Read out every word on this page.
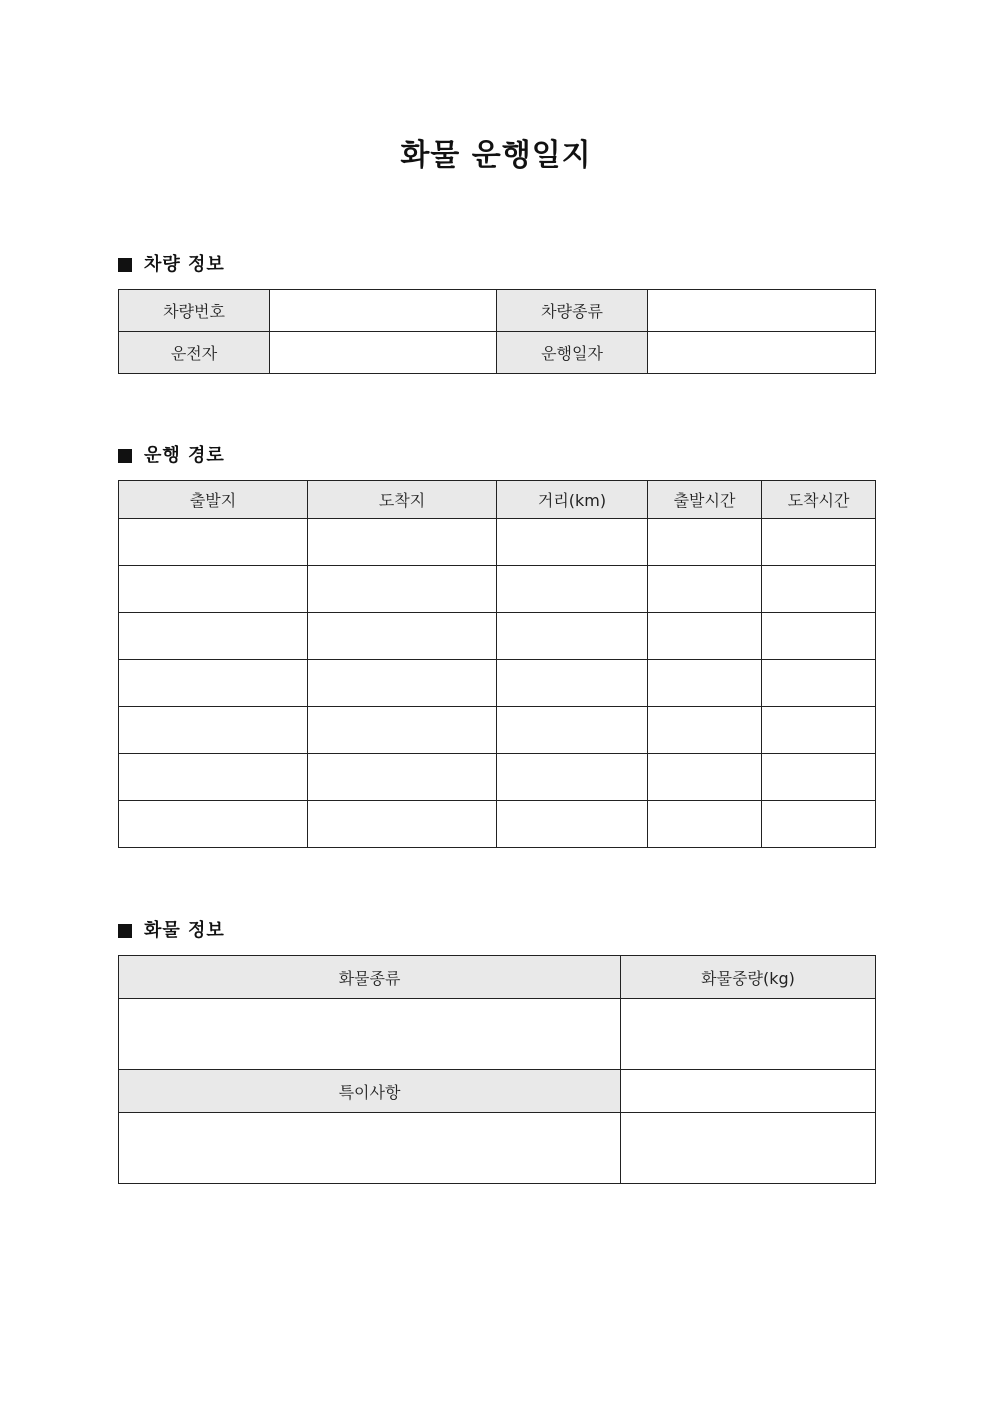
화물 운행일지
차량 정보
차량번호		차량종류	
운전자		운행일자	
운행 경로
출발지	도착지	거리(km)	출발시간	도착시간

화물 정보
화물종류	화물중량(kg)

특이사항	
